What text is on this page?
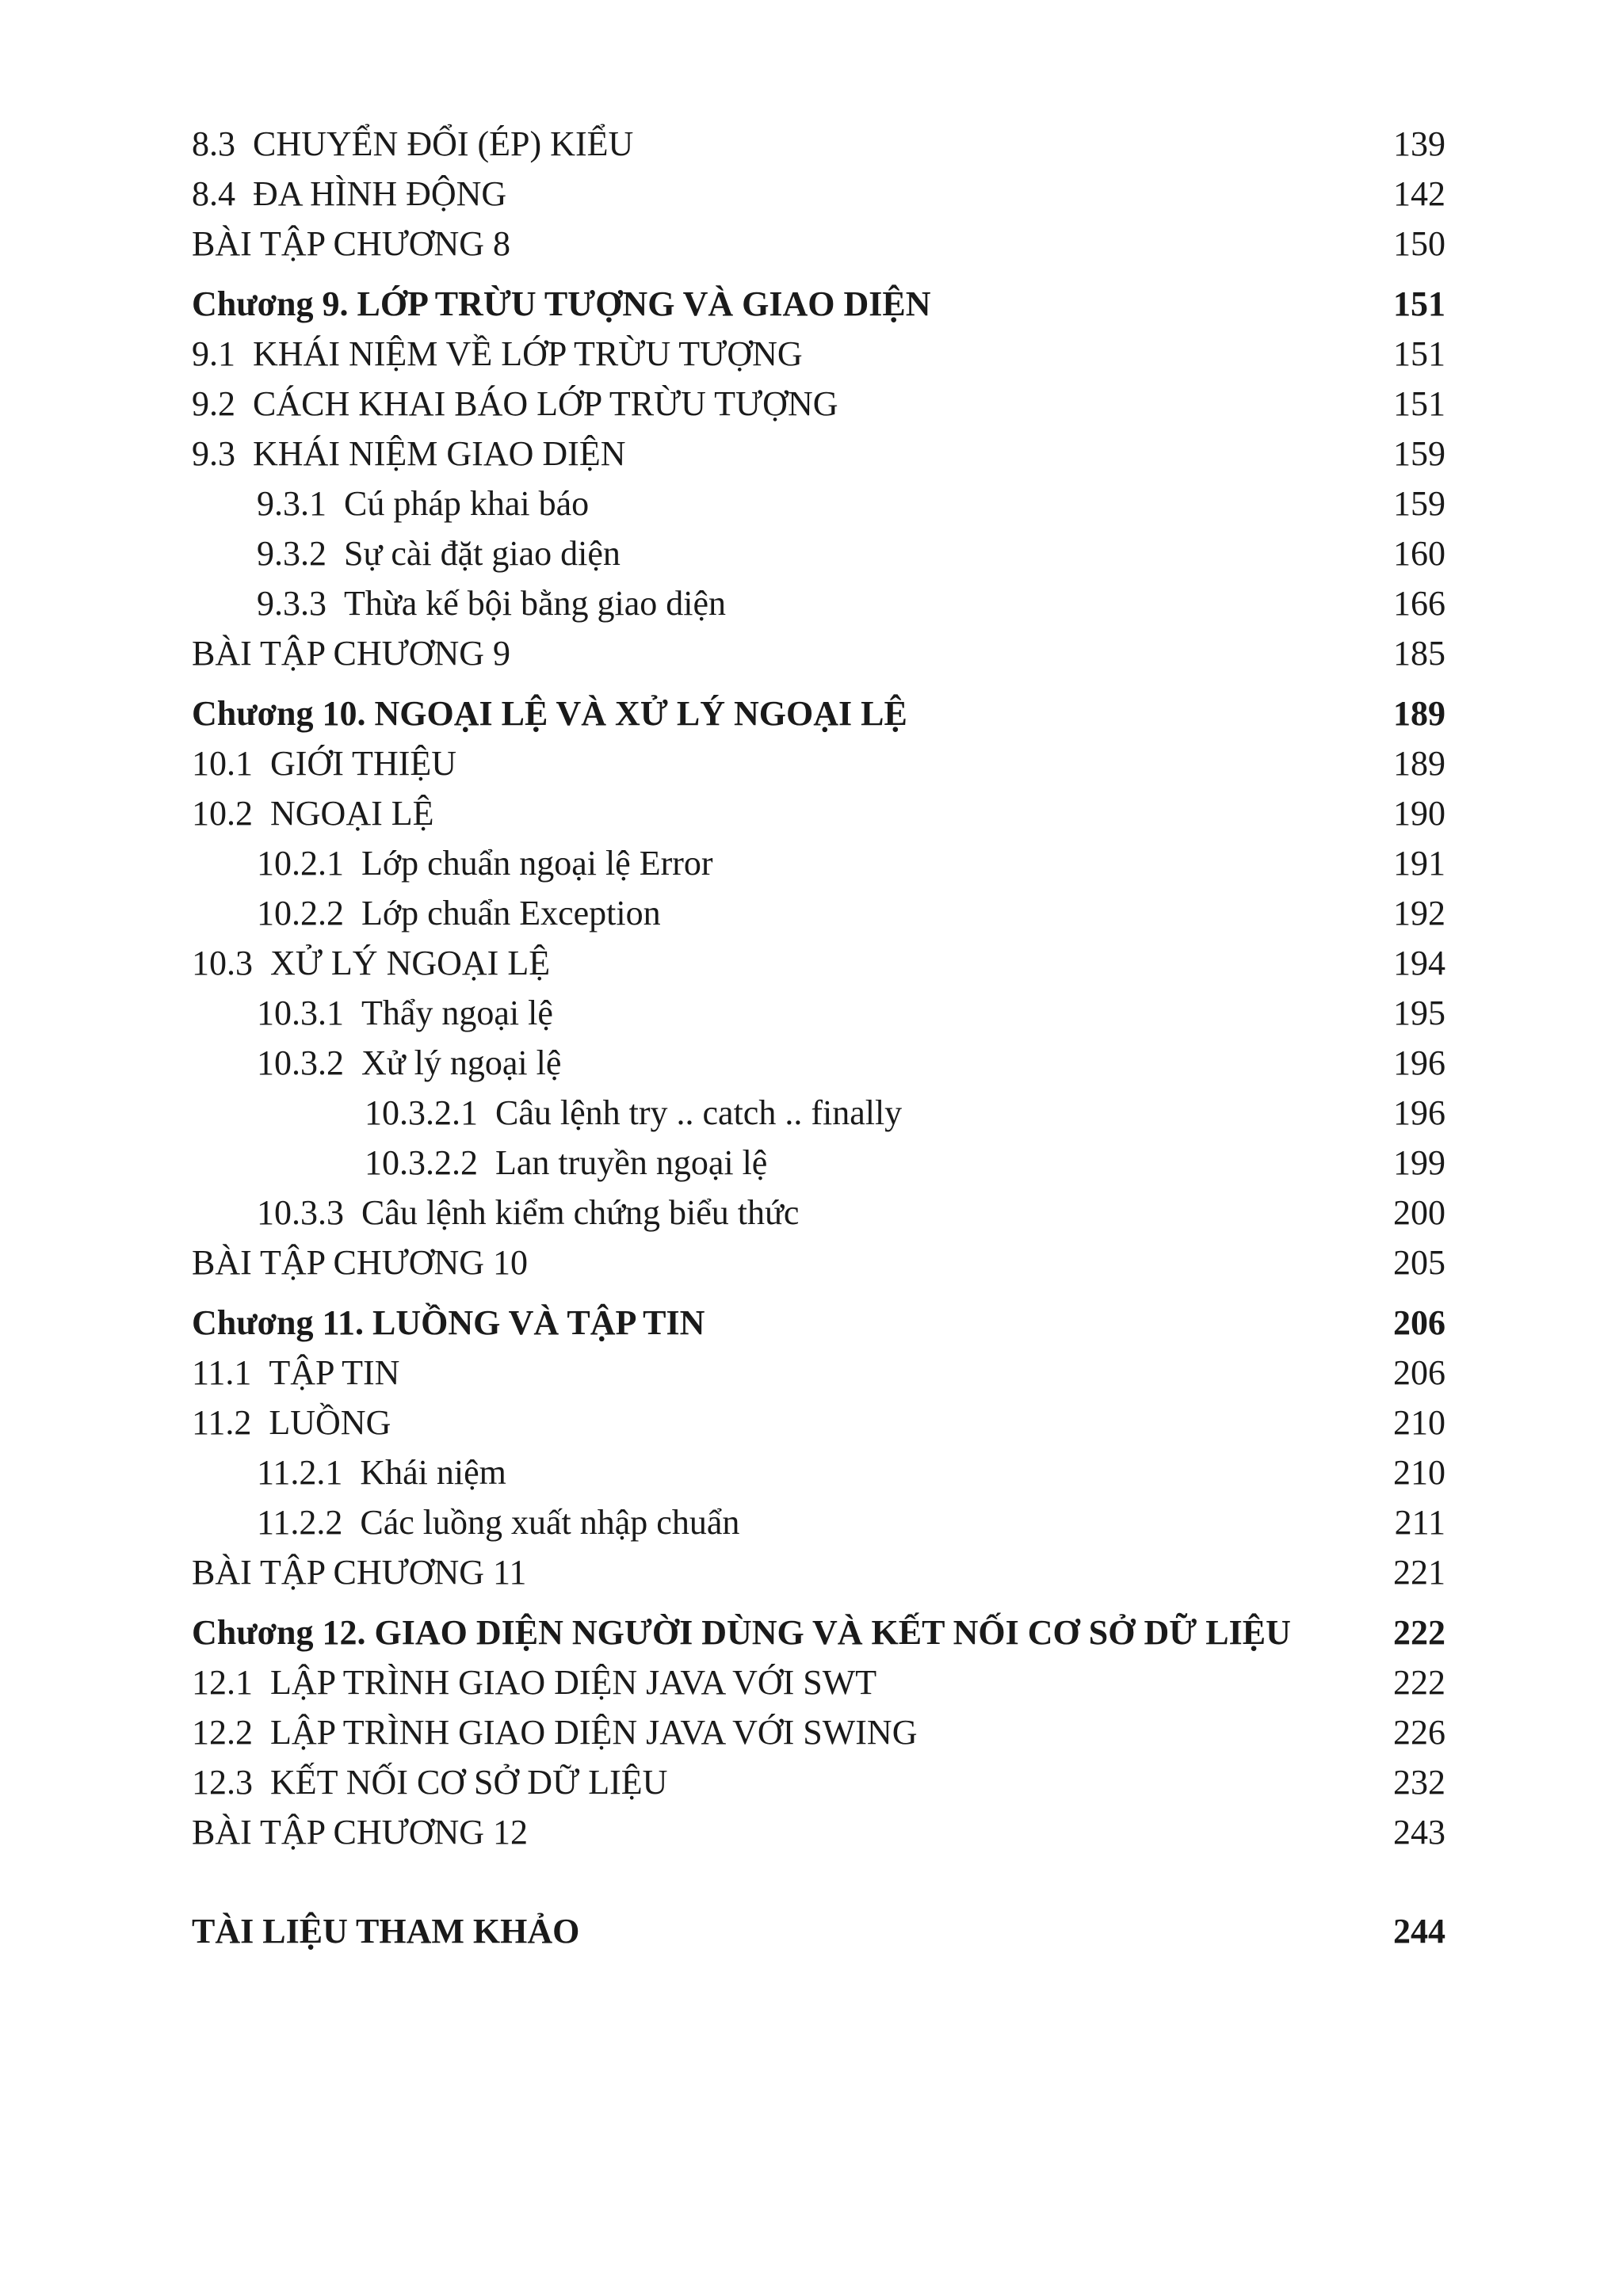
8.3 CHUYỂN ĐỔI (ÉP) KIỂU	139
8.4 ĐA HÌNH ĐỘNG	142
BÀI TẬP CHƯƠNG 8	150
Chương 9. LỚP TRỪU TƯỢNG VÀ GIAO DIỆN	151
9.1 KHÁI NIỆM VỀ LỚP TRỪU TƯỢNG	151
9.2 CÁCH KHAI BÁO LỚP TRỪU TƯỢNG	151
9.3 KHÁI NIỆM GIAO DIỆN	159
9.3.1 Cú pháp khai báo	159
9.3.2 Sự cài đặt giao diện	160
9.3.3 Thừa kế bội bằng giao diện	166
BÀI TẬP CHƯƠNG 9	185
Chương 10. NGOẠI LỆ VÀ XỬ LÝ NGOẠI LỆ	189
10.1 GIỚI THIỆU	189
10.2 NGOẠI LỆ	190
10.2.1 Lớp chuẩn ngoại lệ Error	191
10.2.2 Lớp chuẩn Exception	192
10.3 XỬ LÝ NGOẠI LỆ	194
10.3.1 Thẩy ngoại lệ	195
10.3.2 Xử lý ngoại lệ	196
10.3.2.1 Câu lệnh try .. catch .. finally	196
10.3.2.2 Lan truyền ngoại lệ	199
10.3.3 Câu lệnh kiểm chứng biểu thức	200
BÀI TẬP CHƯƠNG 10	205
Chương 11. LUỒNG VÀ TẬP TIN	206
11.1 TẬP TIN	206
11.2 LUỒNG	210
11.2.1 Khái niệm	210
11.2.2 Các luồng xuất nhập chuẩn	211
BÀI TẬP CHƯƠNG 11	221
Chương 12. GIAO DIỆN NGƯỜI DÙNG VÀ KẾT NỐI CƠ SỞ DỮ LIỆU	222
12.1 LẬP TRÌNH GIAO DIỆN JAVA VỚI SWT	222
12.2 LẬP TRÌNH GIAO DIỆN JAVA VỚI SWING	226
12.3 KẾT NỐI CƠ SỞ DỮ LIỆU	232
BÀI TẬP CHƯƠNG 12	243
TÀI LIỆU THAM KHẢO	244
